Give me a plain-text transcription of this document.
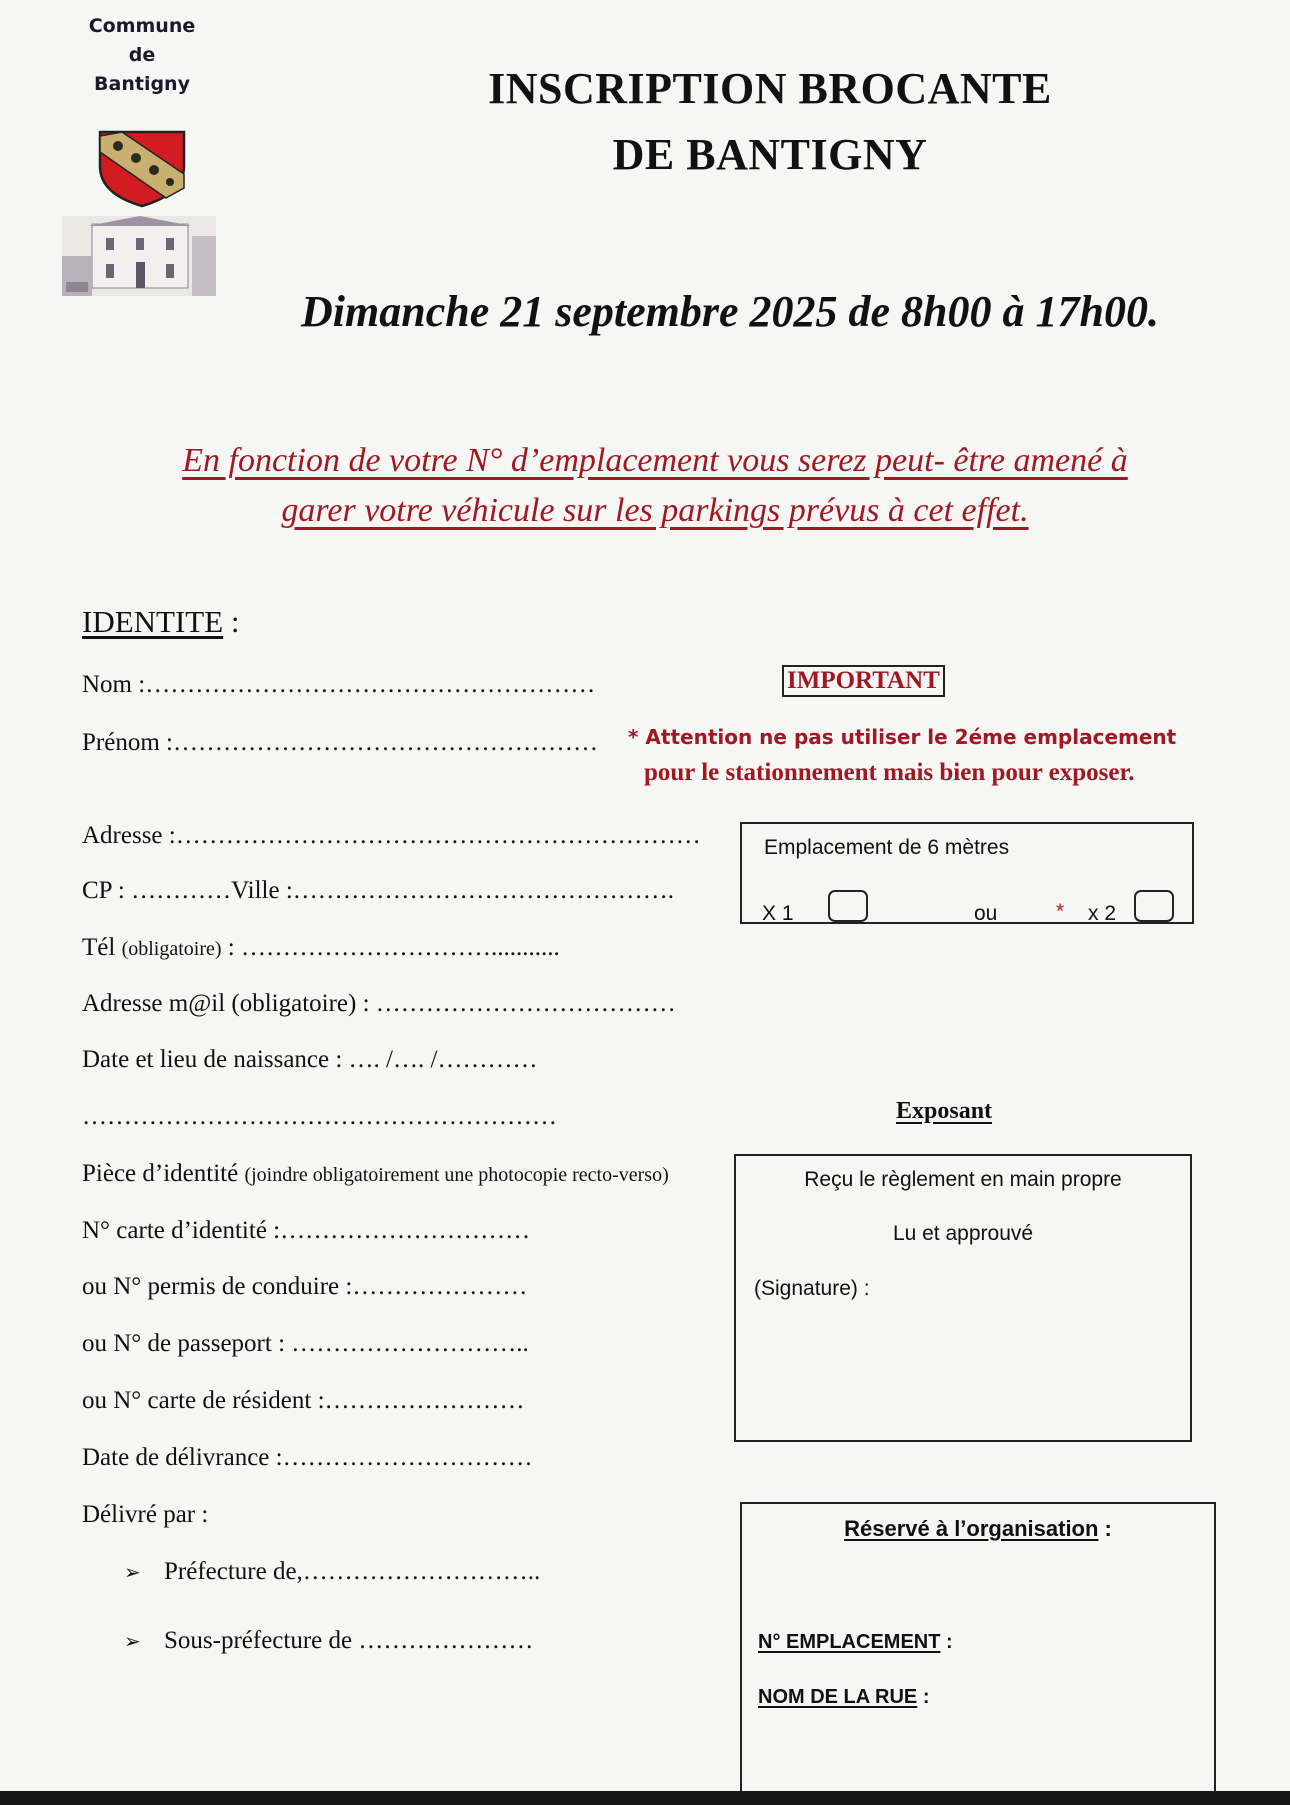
Commune
de
Bantigny	INSCRIPTION BROCANTE
DE BANTIGNY
Dimanche 21 septembre 2025 de 8h00 à 17h00.
En fonction de votre N° d’emplacement vous serez peut- être amené à
garer votre véhicule sur les parkings prévus à cet effet.
IDENTITE :
Nom :………………………………………………
Prénom :……………………………………………
Adresse :………………………………………………………
CP : …………Ville :……………………………………….
Tél (obligatoire) : …………………………...........
Adresse m@il (obligatoire) : ………………………………
Date et lieu de naissance : …. /…. /…………
…………………………………………………
Pièce d’identité (joindre obligatoirement une photocopie recto-verso)
N° carte d’identité :…………………………
ou N° permis de conduire :…………………
ou N° de passeport : ………………………..
ou N° carte de résident :……………………
Date de délivrance :…………………………
Délivré par :
➢ Préfecture de,………………………..
➢ Sous-préfecture de …………………
IMPORTANT
* Attention ne pas utiliser le 2éme emplacement
pour le stationnement mais bien pour exposer.
Emplacement de 6 mètres
X 1	ou	* x 2
Exposant
Reçu le règlement en main propre
Lu et approuvé
(Signature) :
Réservé à l’organisation :
N° EMPLACEMENT :
NOM DE LA RUE :
